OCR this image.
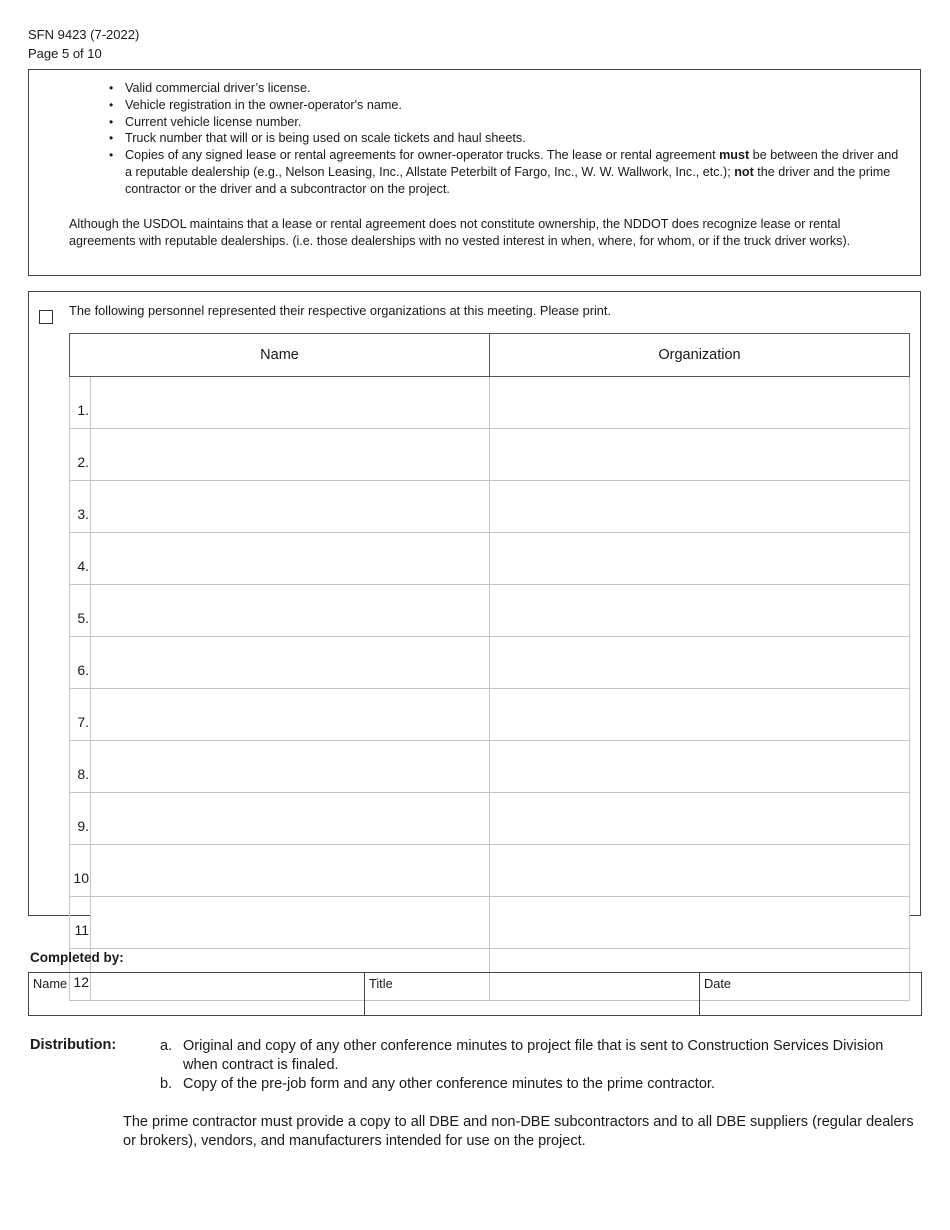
SFN 9423 (7-2022)
Page 5 of 10
• Valid commercial driver’s license.
• Vehicle registration in the owner-operator's name.
• Current vehicle license number.
• Truck number that will or is being used on scale tickets and haul sheets.
• Copies of any signed lease or rental agreements for owner-operator trucks. The lease or rental agreement must be between the driver and a reputable dealership (e.g., Nelson Leasing, Inc., Allstate Peterbilt of Fargo, Inc., W. W. Wallwork, Inc., etc.); not the driver and the prime contractor or the driver and a subcontractor on the project.
Although the USDOL maintains that a lease or rental agreement does not constitute ownership, the NDDOT does recognize lease or rental agreements with reputable dealerships. (i.e. those dealerships with no vested interest in when, where, for whom, or if the truck driver works).
The following personnel represented their respective organizations at this meeting. Please print.
Name		Organization
1.		
2.		
3.		
4.		
5.		
6.		
7.		
8.		
9.		
10		
11		
12		
Completed by:
Name	Title	Date
Distribution:	a. Original and copy of any other conference minutes to project file that is sent to Construction Services Division when contract is finaled.
b. Copy of the pre-job form and any other conference minutes to the prime contractor.
The prime contractor must provide a copy to all DBE and non-DBE subcontractors and to all DBE suppliers (regular dealers or brokers), vendors, and manufacturers intended for use on the project.
